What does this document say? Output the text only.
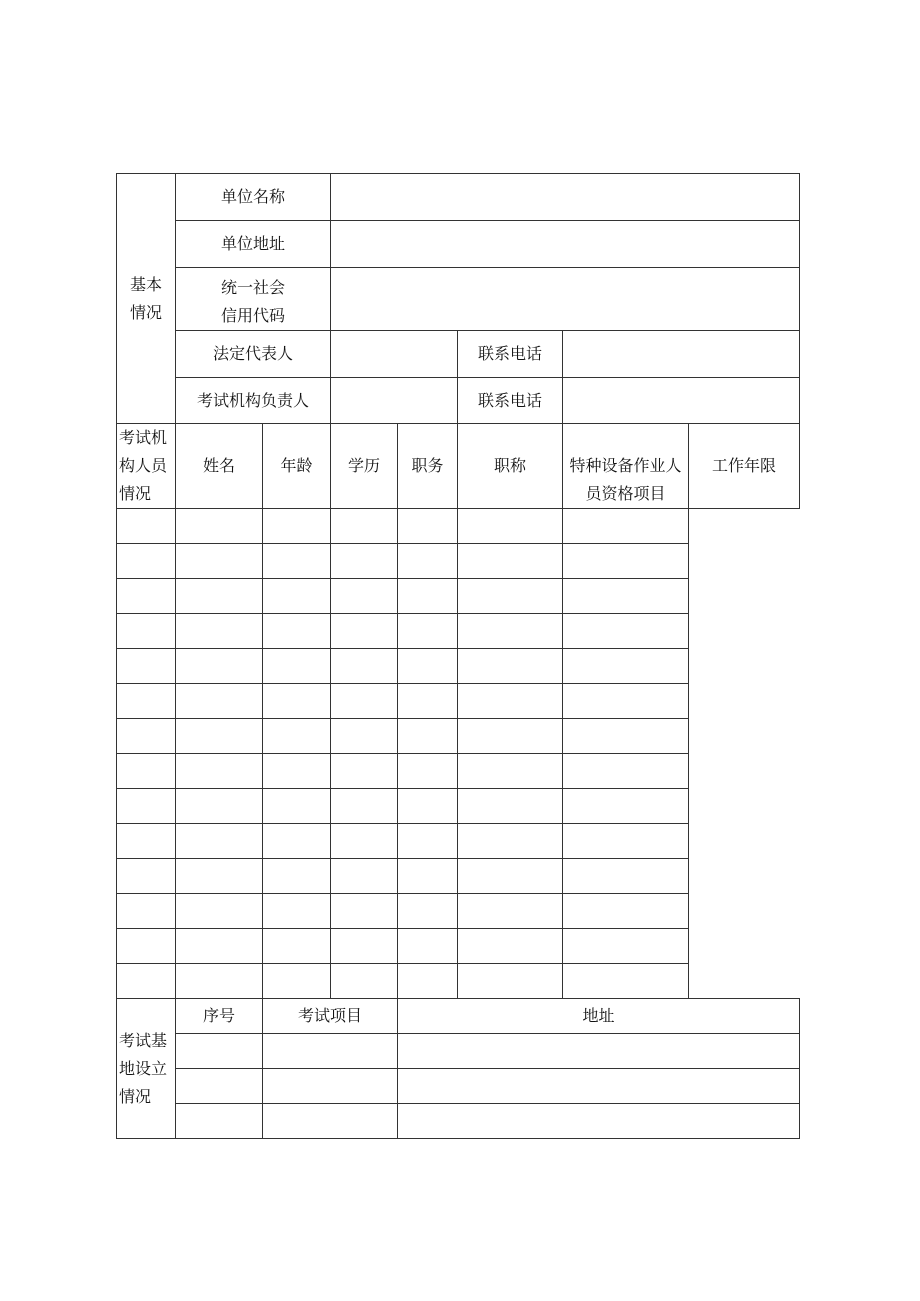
基本情况	单位名称						
	单位地址						

	统一社会信用代码						

	法定代表人				联系电话		
	考试机构负责人				联系电话		

考试机构人员情况	姓名	年龄	学历	职务	职称	特种设备作业人员资格项目	工作年限

考试基地设立情况	序号	考试项目		地址			
